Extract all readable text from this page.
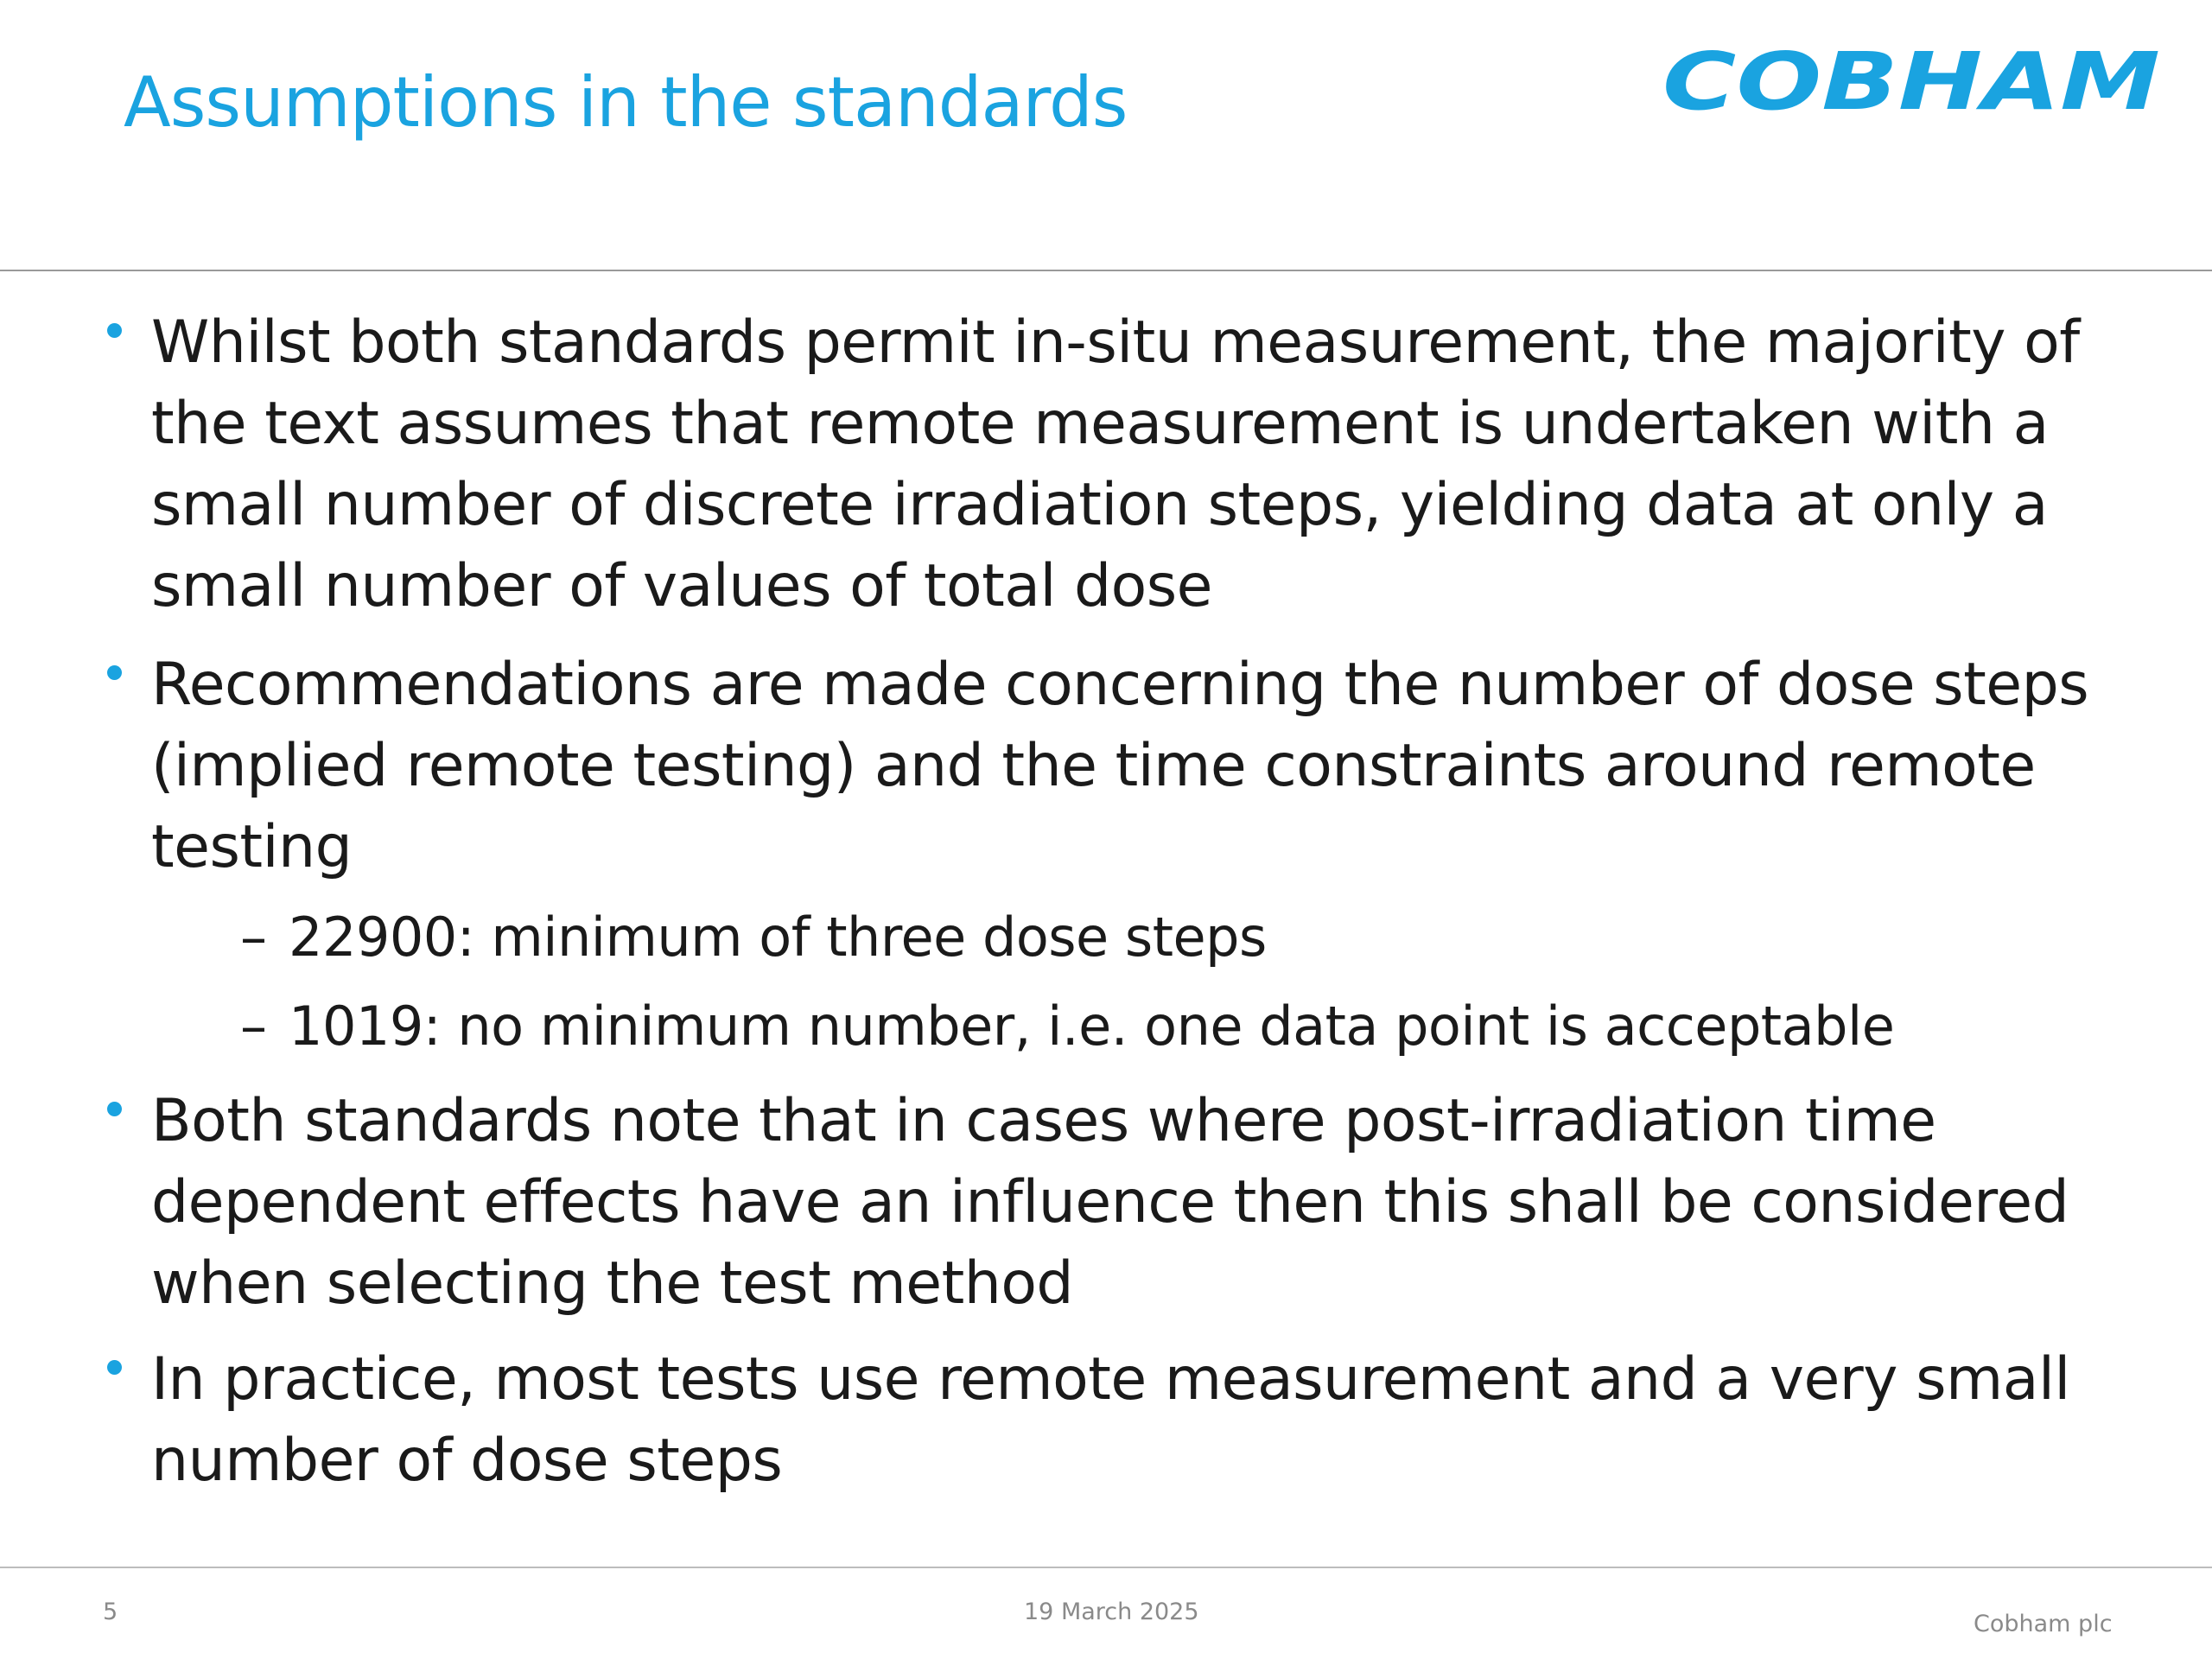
Assumptions in the standards	COBHAM
Whilst both standards permit in-situ measurement, the majority of the text assumes that remote measurement is undertaken with a small number of discrete irradiation steps, yielding data at only a small number of values of total dose
Recommendations are made concerning the number of dose steps (implied remote testing) and the time constraints around remote testing
– 22900: minimum of three dose steps
– 1019: no minimum number, i.e. one data point is acceptable
Both standards note that in cases where post-irradiation time dependent effects have an influence then this shall be considered when selecting the test method
In practice, most tests use remote measurement and a very small number of dose steps
5	19 March 2025	Cobham plc
